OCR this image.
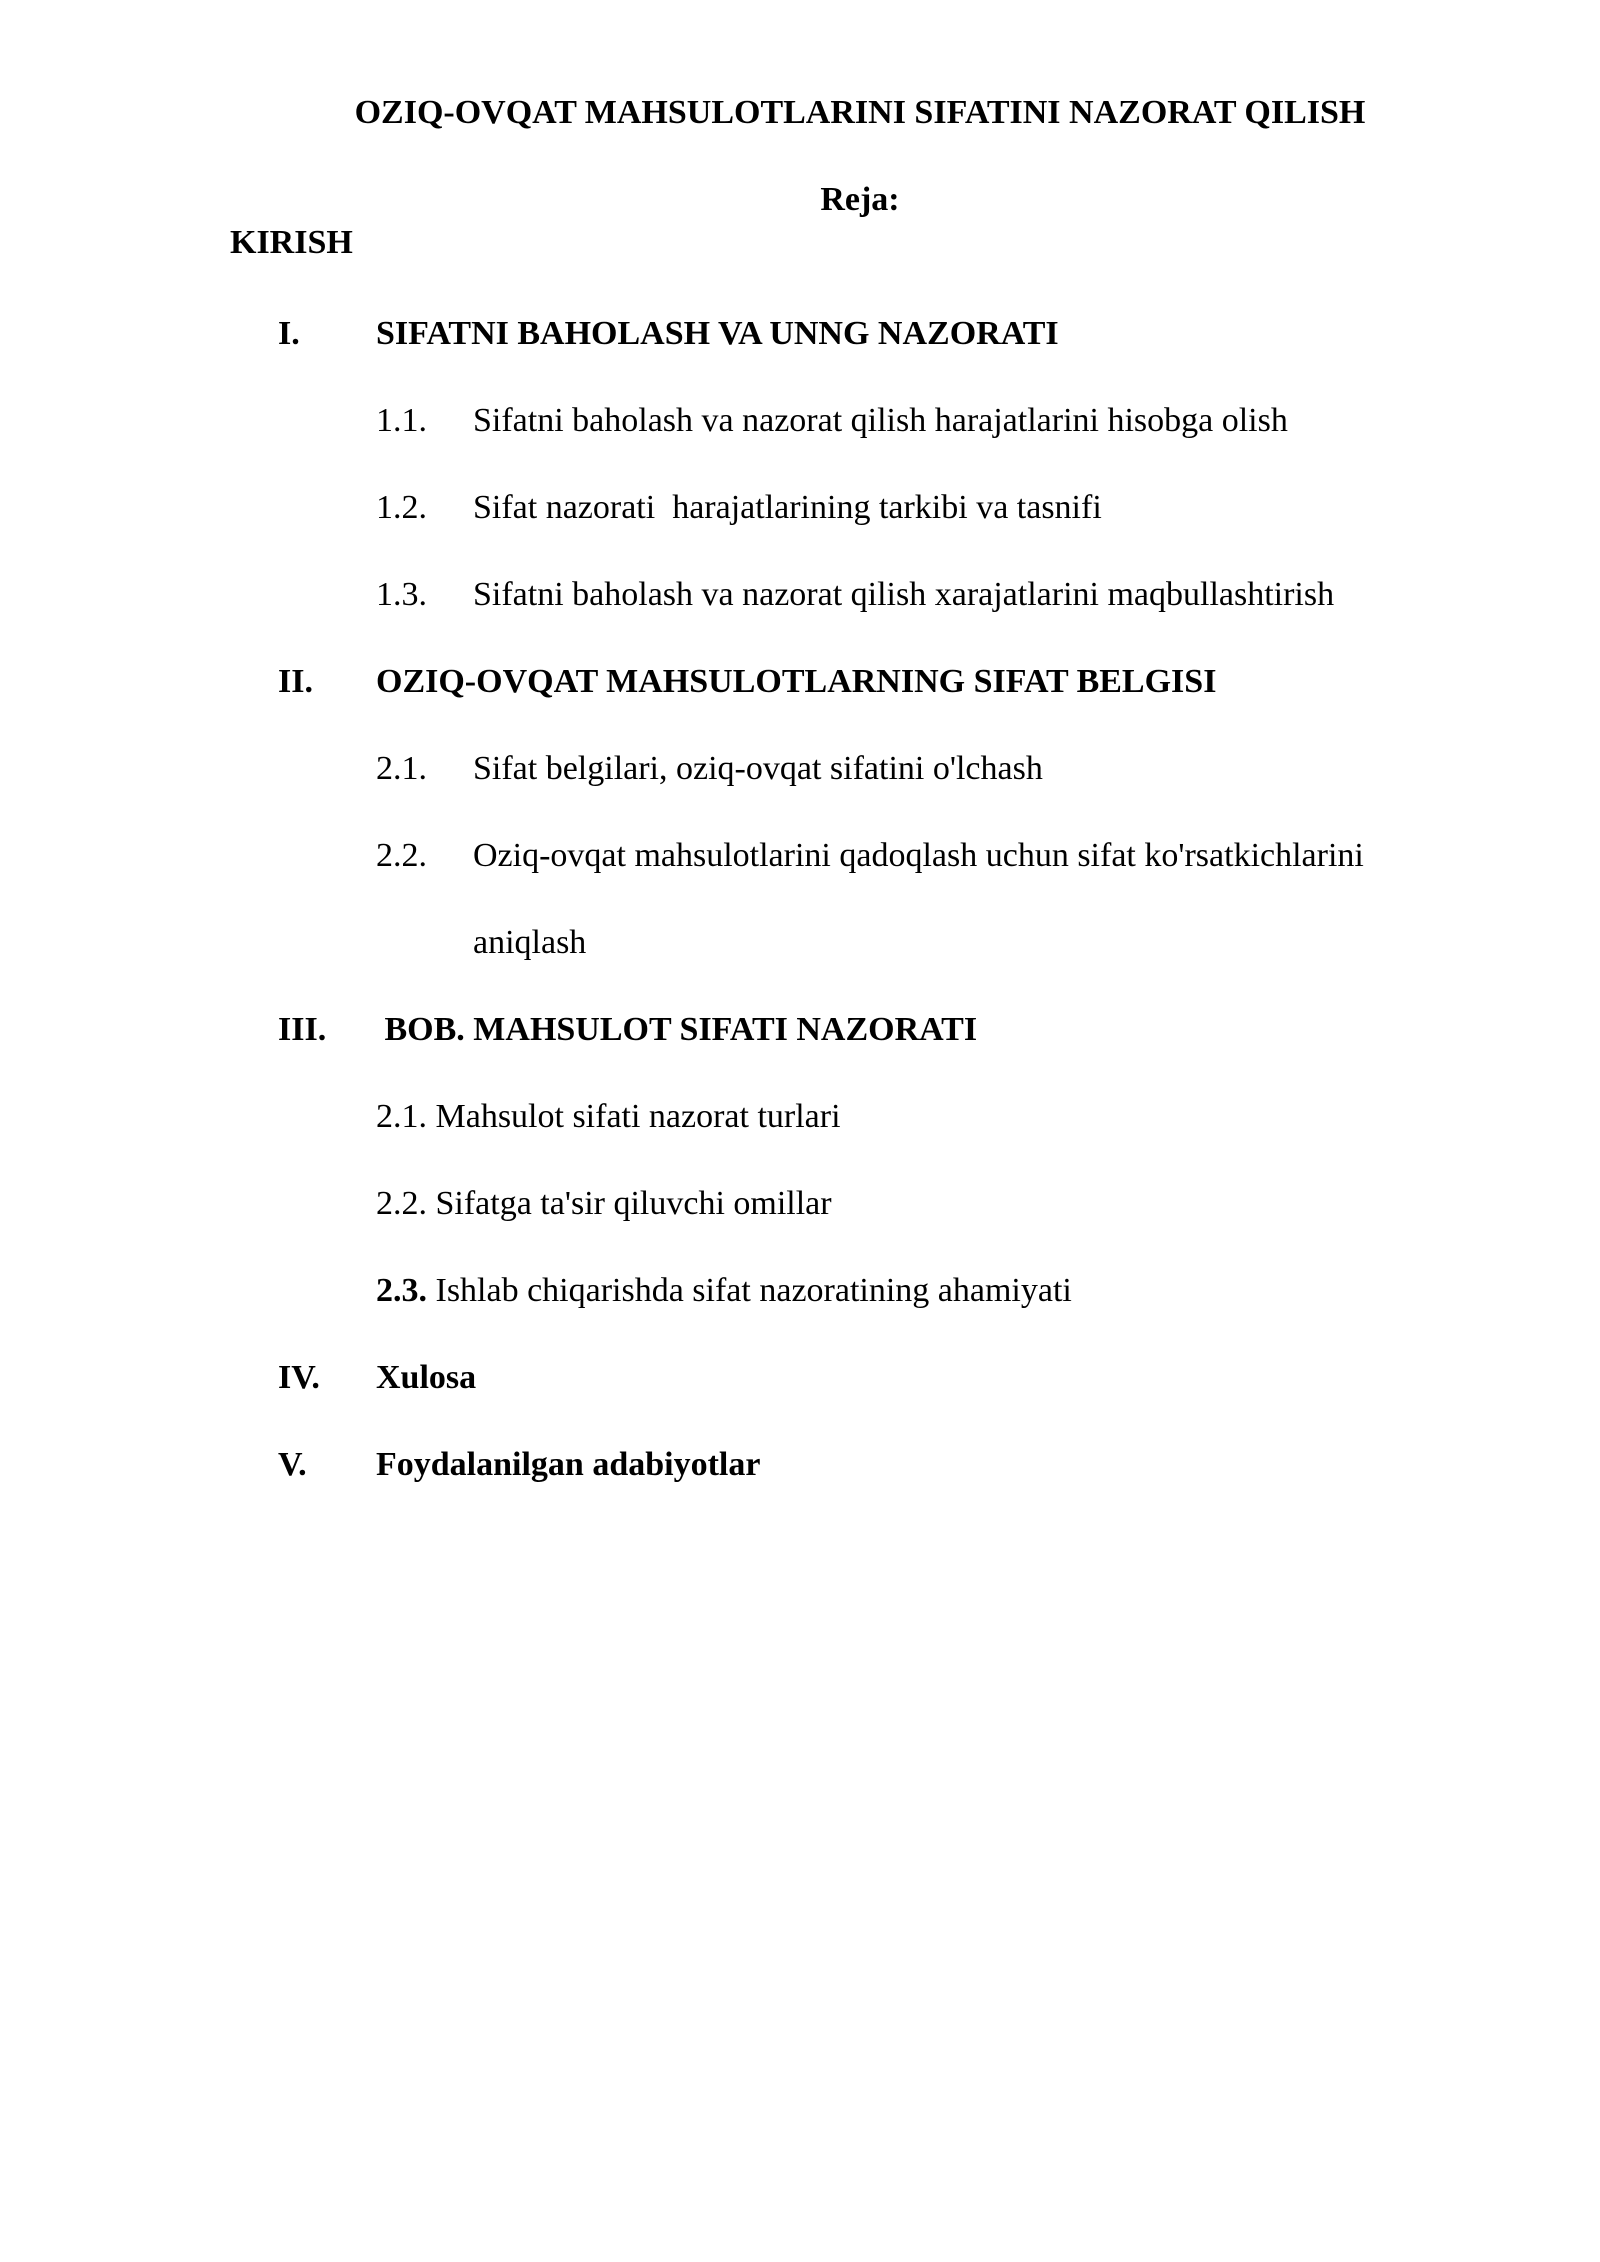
OZIQ-OVQAT MAHSULOTLARINI SIFATINI NAZORAT QILISH
Reja:
KIRISH
I. SIFATNI BAHOLASH VA UNNG NAZORATI
1.1. Sifatni baholash va nazorat qilish harajatlarini hisobga olish
1.2. Sifat nazorati  harajatlarining tarkibi va tasnifi
1.3. Sifatni baholash va nazorat qilish xarajatlarini maqbullashtirish
II. OZIQ-OVQAT MAHSULOTLARNING SIFAT BELGISI
2.1. Sifat belgilari, oziq-ovqat sifatini o'lchash
2.2. Oziq-ovqat mahsulotlarini qadoqlash uchun sifat ko'rsatkichlarini
aniqlash
III. BOB. MAHSULOT SIFATI NAZORATI
2.1. Mahsulot sifati nazorat turlari
2.2. Sifatga ta'sir qiluvchi omillar
2.3. Ishlab chiqarishda sifat nazoratining ahamiyati
IV. Xulosa
V. Foydalanilgan adabiyotlar
